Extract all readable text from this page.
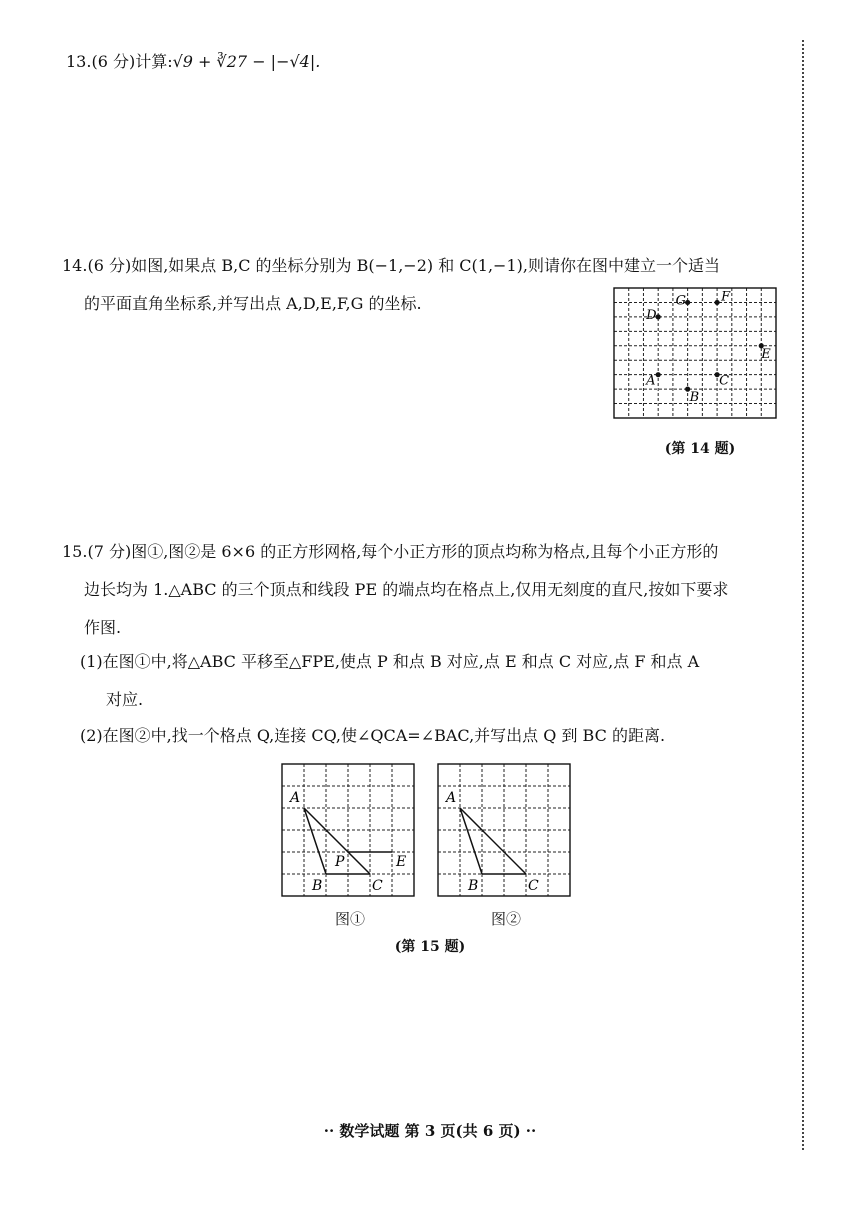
13.(6 分)计算:√9 + ∛27 − |−√4|.
14.(6 分)如图,如果点 B,C 的坐标分别为 B(−1,−2) 和 C(1,−1),则请你在图中建立一个适当
的平面直角坐标系,并写出点 A,D,E,F,G 的坐标.
A
B
C
D
E
F
G
(第 14 题)
15.(7 分)图①,图②是 6×6 的正方形网格,每个小正方形的顶点均称为格点,且每个小正方形的
边长均为 1.△ABC 的三个顶点和线段 PE 的端点均在格点上,仅用无刻度的直尺,按如下要求
作图.
(1)在图①中,将△ABC 平移至△FPE,使点 P 和点 B 对应,点 E 和点 C 对应,点 F 和点 A
对应.
(2)在图②中,找一个格点 Q,连接 CQ,使∠QCA=∠BAC,并写出点 Q 到 BC 的距离.
A
B	C
P	E
A
B	C
图①	图②
(第 15 题)
·· 数学试题 第 3 页(共 6 页) ··
